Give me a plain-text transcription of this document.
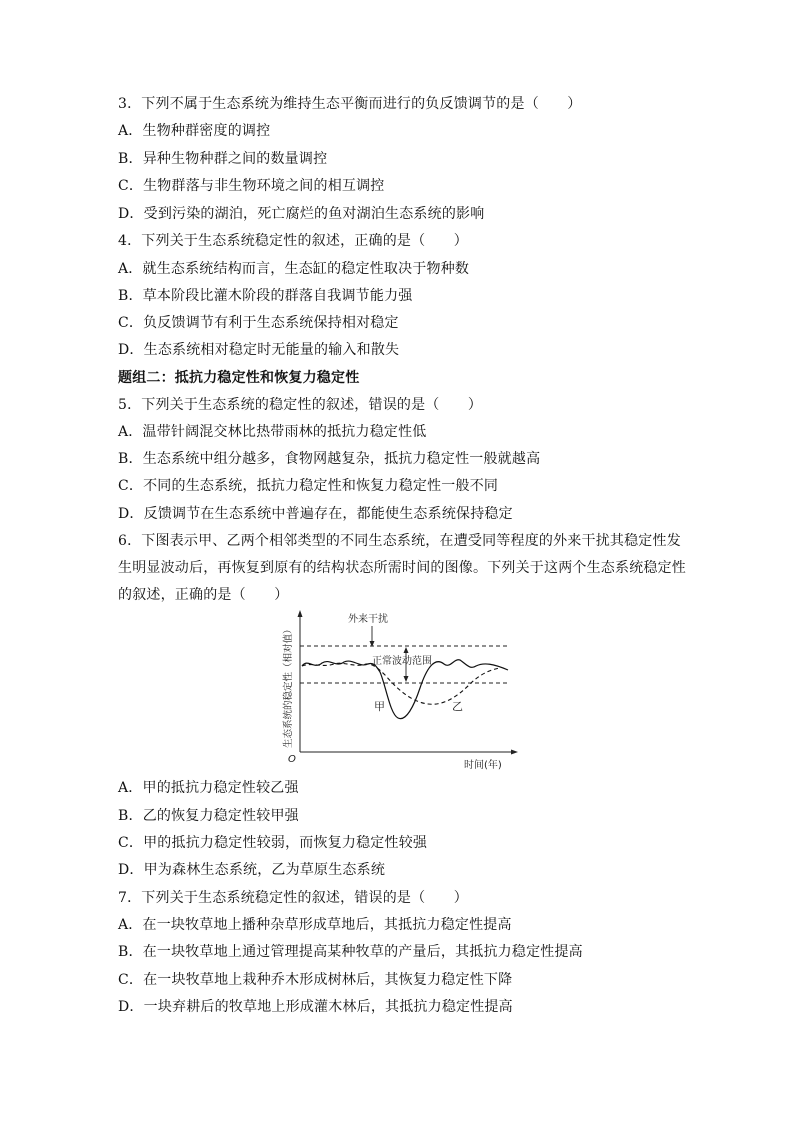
3．下列不属于生态系统为维持生态平衡而进行的负反馈调节的是（　　）
A．生物种群密度的调控
B．异种生物种群之间的数量调控
C．生物群落与非生物环境之间的相互调控
D．受到污染的湖泊，死亡腐烂的鱼对湖泊生态系统的影响
4．下列关于生态系统稳定性的叙述，正确的是（　　）
A．就生态系统结构而言，生态缸的稳定性取决于物种数
B．草本阶段比灌木阶段的群落自我调节能力强
C．负反馈调节有利于生态系统保持相对稳定
D．生态系统相对稳定时无能量的输入和散失
题组二：抵抗力稳定性和恢复力稳定性
5．下列关于生态系统的稳定性的叙述，错误的是（　　）
A．温带针阔混交林比热带雨林的抵抗力稳定性低
B．生态系统中组分越多，食物网越复杂，抵抗力稳定性一般就越高
C．不同的生态系统，抵抗力稳定性和恢复力稳定性一般不同
D．反馈调节在生态系统中普遍存在，都能使生态系统保持稳定
6．下图表示甲、乙两个相邻类型的不同生态系统，在遭受同等程度的外来干扰其稳定性发
生明显波动后，再恢复到原有的结构状态所需时间的图像。下列关于这两个生态系统稳定性
的叙述，正确的是（　　）
外来干扰
正常波动范围
甲	乙
生态系统的稳定性（相对值）
时间(年)
O
A．甲的抵抗力稳定性较乙强
B．乙的恢复力稳定性较甲强
C．甲的抵抗力稳定性较弱，而恢复力稳定性较强
D．甲为森林生态系统，乙为草原生态系统
7．下列关于生态系统稳定性的叙述，错误的是（　　）
A．在一块牧草地上播种杂草形成草地后，其抵抗力稳定性提高
B．在一块牧草地上通过管理提高某种牧草的产量后，其抵抗力稳定性提高
C．在一块牧草地上栽种乔木形成树林后，其恢复力稳定性下降
D．一块弃耕后的牧草地上形成灌木林后，其抵抗力稳定性提高
